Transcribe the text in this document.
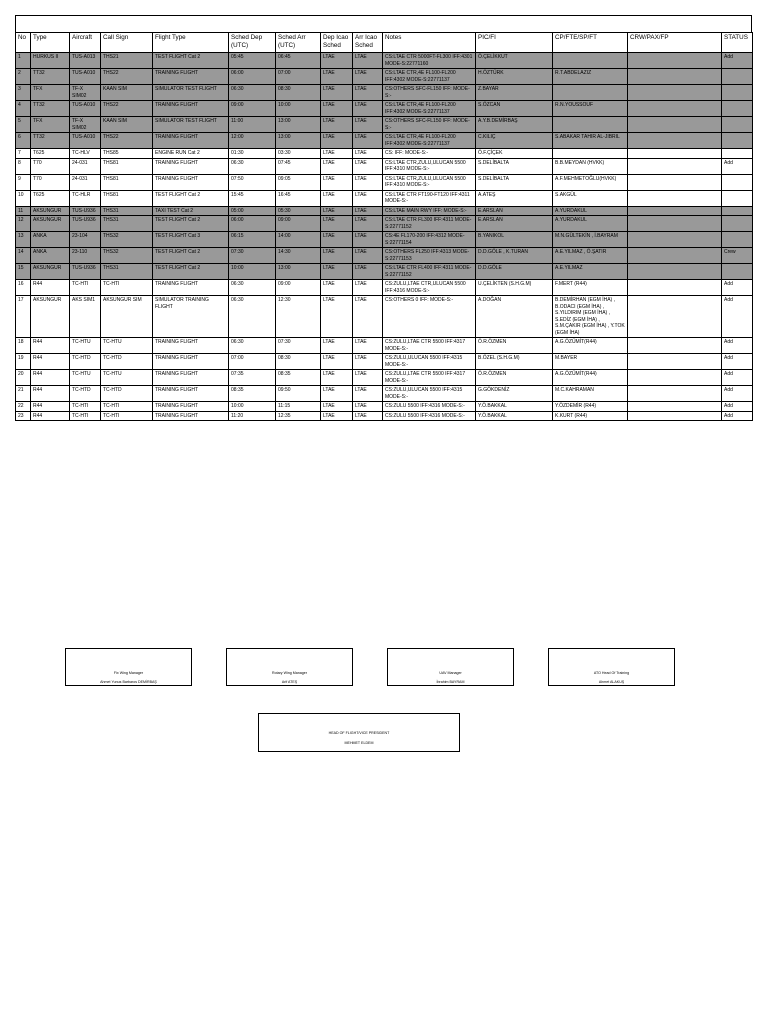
No	Type	Aircraft	Call Sign	Flight Type	Sched Dep (UTC)	Sched Arr (UTC)	Dep Icao Sched	Arr Icao Sched	Notes	PIC/FI	CP/FTE/SP/FT	CRW/PAX/FP	STATUS
1	HURKUS II	TUS-A013	THS21	TEST FLIGHT Cat 2	05:45	06:45	LTAE	LTAE	CS:LTAE CTR 5000FT-FL300 IFF:4301 MODE-S:22771160	Ö.ÇELİKKUT			Add
2	TT32	TUS-A010	THS22	TRAINING FLIGHT	06:00	07:00	LTAE	LTAE	CS:LTAE CTR,4E FL100-FL200 IFF:4302 MODE-S:22771137	H.ÖZTÜRK	R.T.ABDELAZIZ		
3	TFX	TF-X SIM02	KAAN SIM	SIMULATOR TEST FLIGHT	06:30	08:30	LTAE	LTAE	CS:OTHERS SFC-FL150 IFF: MODE-S:-	Z.BAYAR			
4	TT32	TUS-A010	THS22	TRAINING FLIGHT	09:00	10:00	LTAE	LTAE	CS:LTAE CTR,4E FL100-FL200 IFF:4302 MODE-S:22771137	S.ÖZCAN	R.N.YOUSSOUF		
5	TFX	TF-X SIM02	KAAN SIM	SIMULATOR TEST FLIGHT	11:00	13:00	LTAE	LTAE	CS:OTHERS SFC-FL150 IFF: MODE-S:-	A.Y.B.DEMİRBAŞ			
6	TT32	TUS-A010	THS22	TRAINING FLIGHT	12:00	13:00	LTAE	LTAE	CS:LTAE CTR,4E FL100-FL200 IFF:4302 MODE-S:22771137	C.KILIÇ	S.ABAKAR TAHIR AL-JIBRIL		
7	T625	TC-HLV	THS85	ENGINE RUN Cat 2	01:30	03:30	LTAE	LTAE	CS: IFF: MODE-S:-	Ö.F.ÇİÇEK			
8	T70	24-031	THS81	TRAINING FLIGHT	06:30	07:45	LTAE	LTAE	CS:LTAE CTR,ZULU,ULUCAN 5500 IFF:4310 MODE-S:-	S.DELİBALTA	B.B.MEYDAN (HVKK)		Add
9	T70	24-031	THS81	TRAINING FLIGHT	07:50	09:05	LTAE	LTAE	CS:LTAE CTR,ZULU,ULUCAN 5500 IFF:4310 MODE-S:-	S.DELİBALTA	A.F.MEHMETOĞLU(HVKK)		
10	T625	TC-HLR	THS81	TEST FLIGHT Cat 2	15:45	16:45	LTAE	LTAE	CS:LTAE CTR FT190-FT120 IFF:4311 MODE-S:-	A.ATEŞ	S.AKGÜL		
11	AKSUNGUR	TUS-U936	THS31	TAXI TEST Cat 2	05:00	05:30	LTAE	LTAE	CS:LTAE MAIN RWY IFF: MODE-S:-	E.ARSLAN	A.YURDAKUL		
12	AKSUNGUR	TUS-U936	THS31	TEST FLIGHT Cat 2	06:00	09:00	LTAE	LTAE	CS:LTAE CTR FL300 IFF:4311 MODE-S:22771152	E.ARSLAN	A.YURDAKUL		
13	ANKA	23-104	THS32	TEST FLIGHT Cat 3	06:15	14:00	LTAE	LTAE	CS:4E FL170-200 IFF:4312 MODE-S:22771154	B.YANIKOL	M.N.GÜLTEKİN , İ.BAYRAM		
14	ANKA	23-110	THS32	TEST FLIGHT Cat 2	07:30	14:30	LTAE	LTAE	CS:OTHERS FL250 IFF:4313 MODE-S:22771153	D.D.GÖLE , K.TURAN	A.E.YILMAZ , Ö.ŞATIR		Crew
15	AKSUNGUR	TUS-U936	THS31	TEST FLIGHT Cat 2	10:00	13:00	LTAE	LTAE	CS:LTAE CTR FL400 IFF:4311 MODE-S:22771152	D.D.GÖLE	A.E.YILMAZ		
16	R44	TC-HTI	TC-HTI	TRAINING FLIGHT	06:30	09:00	LTAE	LTAE	CS:ZULU,LTAE CTR,ULUCAN 5500 IFF:4316 MODE-S:-	U.ÇELİKTEN (S.H.G.M)	F.MERT (R44)		Add
17	AKSUNGUR	AKS SIM1	AKSUNGUR SIM	SIMULATOR TRAINING FLIGHT	06:30	12:30	LTAE	LTAE	CS:OTHERS 0 IFF: MODE-S:-	A.DOĞAN	B.DEMİRHAN (EGM İHA) , B.ODACI (EGM İHA) , S.YILDIRIM (EGM İHA) , S.EDİZ (EGM İHA) , S.M.ÇAKIR (EGM İHA) , Y.TOK (EGM İHA)		Add
18	R44	TC-HTU	TC-HTU	TRAINING FLIGHT	06:30	07:30	LTAE	LTAE	CS:ZULU,LTAE CTR 5500 IFF:4317 MODE-S:-	Ö.R.ÖZMEN	A.G.ÖZÜMİT(R44)		Add
19	R44	TC-HTD	TC-HTD	TRAINING FLIGHT	07:00	08:30	LTAE	LTAE	CS:ZULU,ULUCAN 5500 IFF:4315 MODE-S:-	B.ÖZEL (S.H.G.M)	M.BAYER		Add
20	R44	TC-HTU	TC-HTU	TRAINING FLIGHT	07:35	08:35	LTAE	LTAE	CS:ZULU,LTAE CTR 5500 IFF:4317 MODE-S:-	Ö.R.ÖZMEN	A.G.ÖZÜMİT(R44)		Add
21	R44	TC-HTD	TC-HTD	TRAINING FLIGHT	08:35	09:50	LTAE	LTAE	CS:ZULU,ULUCAN 5500 IFF:4315 MODE-S:-	G.GÖKDENİZ	M.C.KAHRAMAN		Add
22	R44	TC-HTI	TC-HTI	TRAINING FLIGHT	10:00	11:15	LTAE	LTAE	CS:ZULU 5500 IFF:4316 MODE-S:-	Y.Ö.BAKKAL	Y.ÖZDEMİR (R44)		Add
23	R44	TC-HTI	TC-HTI	TRAINING FLIGHT	11:20	12:35	LTAE	LTAE	CS:ZULU 5500 IFF:4316 MODE-S:-	Y.Ö.BAKKAL	K.KURT (R44)		Add
Fix Wing Manager
Ahmet Yunus Barbaros DEMİRBAŞ
Rotary Wing Manager
Arif ATEŞ
UAV Manager
İbrahim BAYRAM
ATO Head Of Training
Ahmet ALAKUŞ
HEAD OF FLIGHT/VICE PRESIDENT
MEHMET ELDEM
